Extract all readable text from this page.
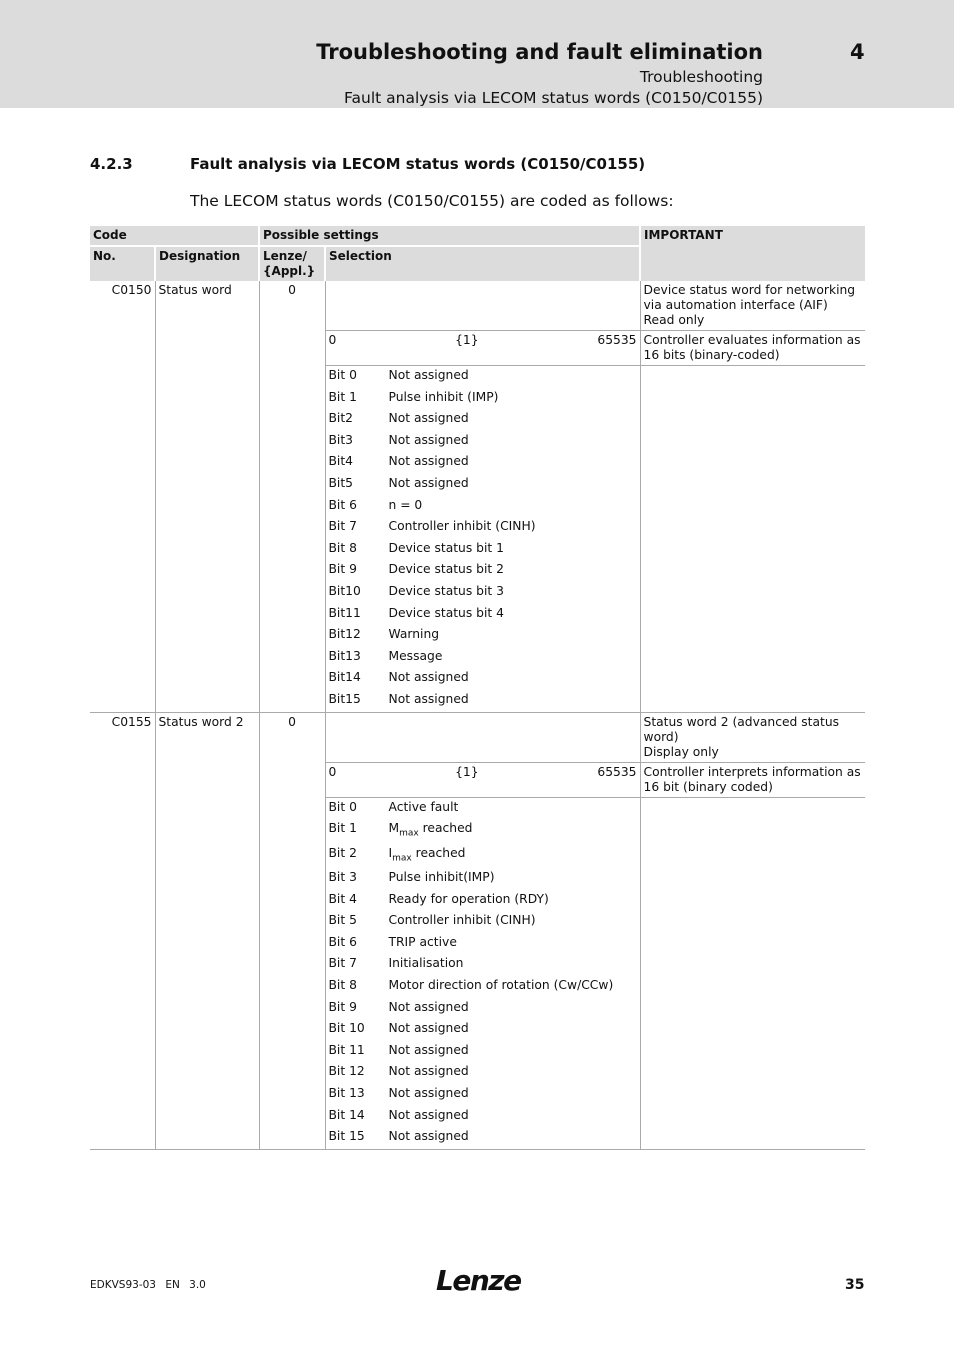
Troubleshooting and fault elimination	4
Troubleshooting
Fault analysis via LECOM status words (C0150/C0155)
4.2.3	Fault analysis via LECOM status words (C0150/C0155)
The LECOM status words (C0150/C0155) are coded as follows:
Code		Possible settings		IMPORTANT
No.	Designation	Lenze/
{Appl.}	Selection	
C0150	Status word	0		Device status word for networking
via automation interface (AIF)
Read only

			0 {1} 65535	Controller evaluates information as
16 bits (binary-coded)
			Bit 0 Not assigned	
			Bit 1 Pulse inhibit (IMP)	
			Bit2 Not assigned	
			Bit3 Not assigned	
			Bit4 Not assigned	
			Bit5 Not assigned	
			Bit 6 n = 0	
			Bit 7 Controller inhibit (CINH)	
			Bit 8 Device status bit 1	
			Bit 9 Device status bit 2	
			Bit10 Device status bit 3	
			Bit11 Device status bit 4	
			Bit12 Warning	
			Bit13 Message	
			Bit14 Not assigned	
			Bit15 Not assigned	
C0155	Status word 2	0		Status word 2 (advanced status
word)
Display only

			0 {1} 65535	Controller interprets information as
16 bit (binary coded)
			Bit 0 Active fault	
			Bit 1 $M_{max}$ reached	
			Bit 2 $I_{max}$ reached	
			Bit 3 Pulse inhibit(IMP)	
			Bit 4 Ready for operation (RDY)	
			Bit 5 Controller inhibit (CINH)	
			Bit 6 TRIP active	
			Bit 7 Initialisation	
			Bit 8 Motor direction of rotation (Cw/CCw)	
			Bit 9 Not assigned	
			Bit 10 Not assigned	
			Bit 11 Not assigned	
			Bit 12 Not assigned	
			Bit 13 Not assigned	
			Bit 14 Not assigned	
			Bit 15 Not assigned	
EDKVS93-03 EN 3.0	Lenze	35
